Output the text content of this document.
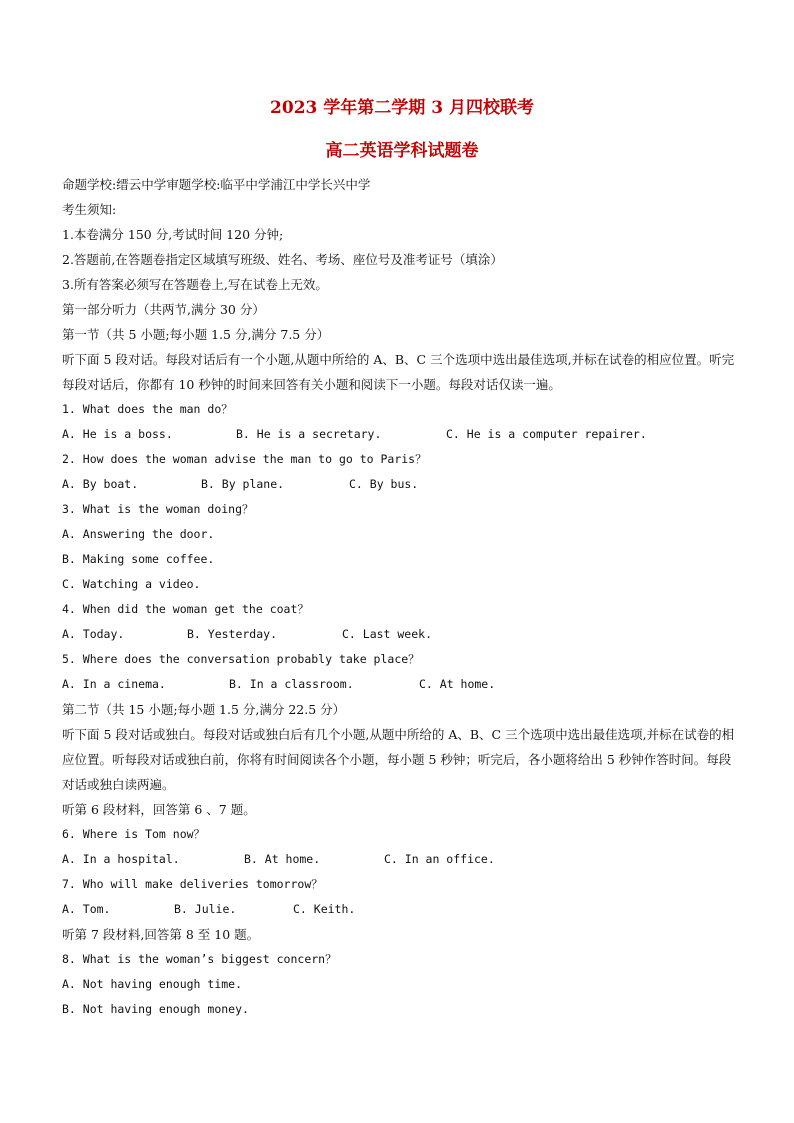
2023 学年第二学期 3 月四校联考
高二英语学科试题卷
命题学校:缙云中学审题学校:临平中学浦江中学长兴中学
考生须知:
1.本卷满分 150 分,考试时间 120 分钟;
2.答题前,在答题卷指定区域填写班级、姓名、考场、座位号及准考证号（填涂）
3.所有答案必须写在答题卷上,写在试卷上无效。
第一部分听力（共两节,满分 30 分）
第一节（共 5 小题;每小题 1.5 分,满分 7.5 分）
听下面 5 段对话。每段对话后有一个小题,从题中所给的 A、B、C 三个选项中选出最佳选项,并标在试卷的相应位置。听完每段对话后，你都有 10 秒钟的时间来回答有关小题和阅读下一小题。每段对话仅读一遍。
1. What does the man do？
A. He is a boss.	B. He is a secretary.	C. He is a computer repairer.
2. How does the woman advise the man to go to Paris？
A. By boat.	B. By plane.	C. By bus.
3. What is the woman doing？
A. Answering the door.
B. Making some coffee.
C. Watching a video.
4. When did the woman get the coat？
A. Today.	B. Yesterday.	C. Last week.
5. Where does the conversation probably take place？
A. In a cinema.	B. In a classroom.	C. At home.
第二节（共 15 小题;每小题 1.5 分,满分 22.5 分）
听下面 5 段对话或独白。每段对话或独白后有几个小题,从题中所给的 A、B、C 三个选项中选出最佳选项,并标在试卷的相应位置。听每段对话或独白前，你将有时间阅读各个小题，每小题 5 秒钟；听完后，各小题将给出 5 秒钟作答时间。每段对话或独白读两遍。
听第 6 段材料，回答第 6 、7 题。
6. Where is Tom now？
A. In a hospital.	B. At home.	C. In an office.
7. Who will make deliveries tomorrow？
A. Tom.	B. Julie.	C. Keith.
听第 7 段材料,回答第 8 至 10 题。
8. What is the woman’s biggest concern？
A. Not having enough time.
B. Not having enough money.
